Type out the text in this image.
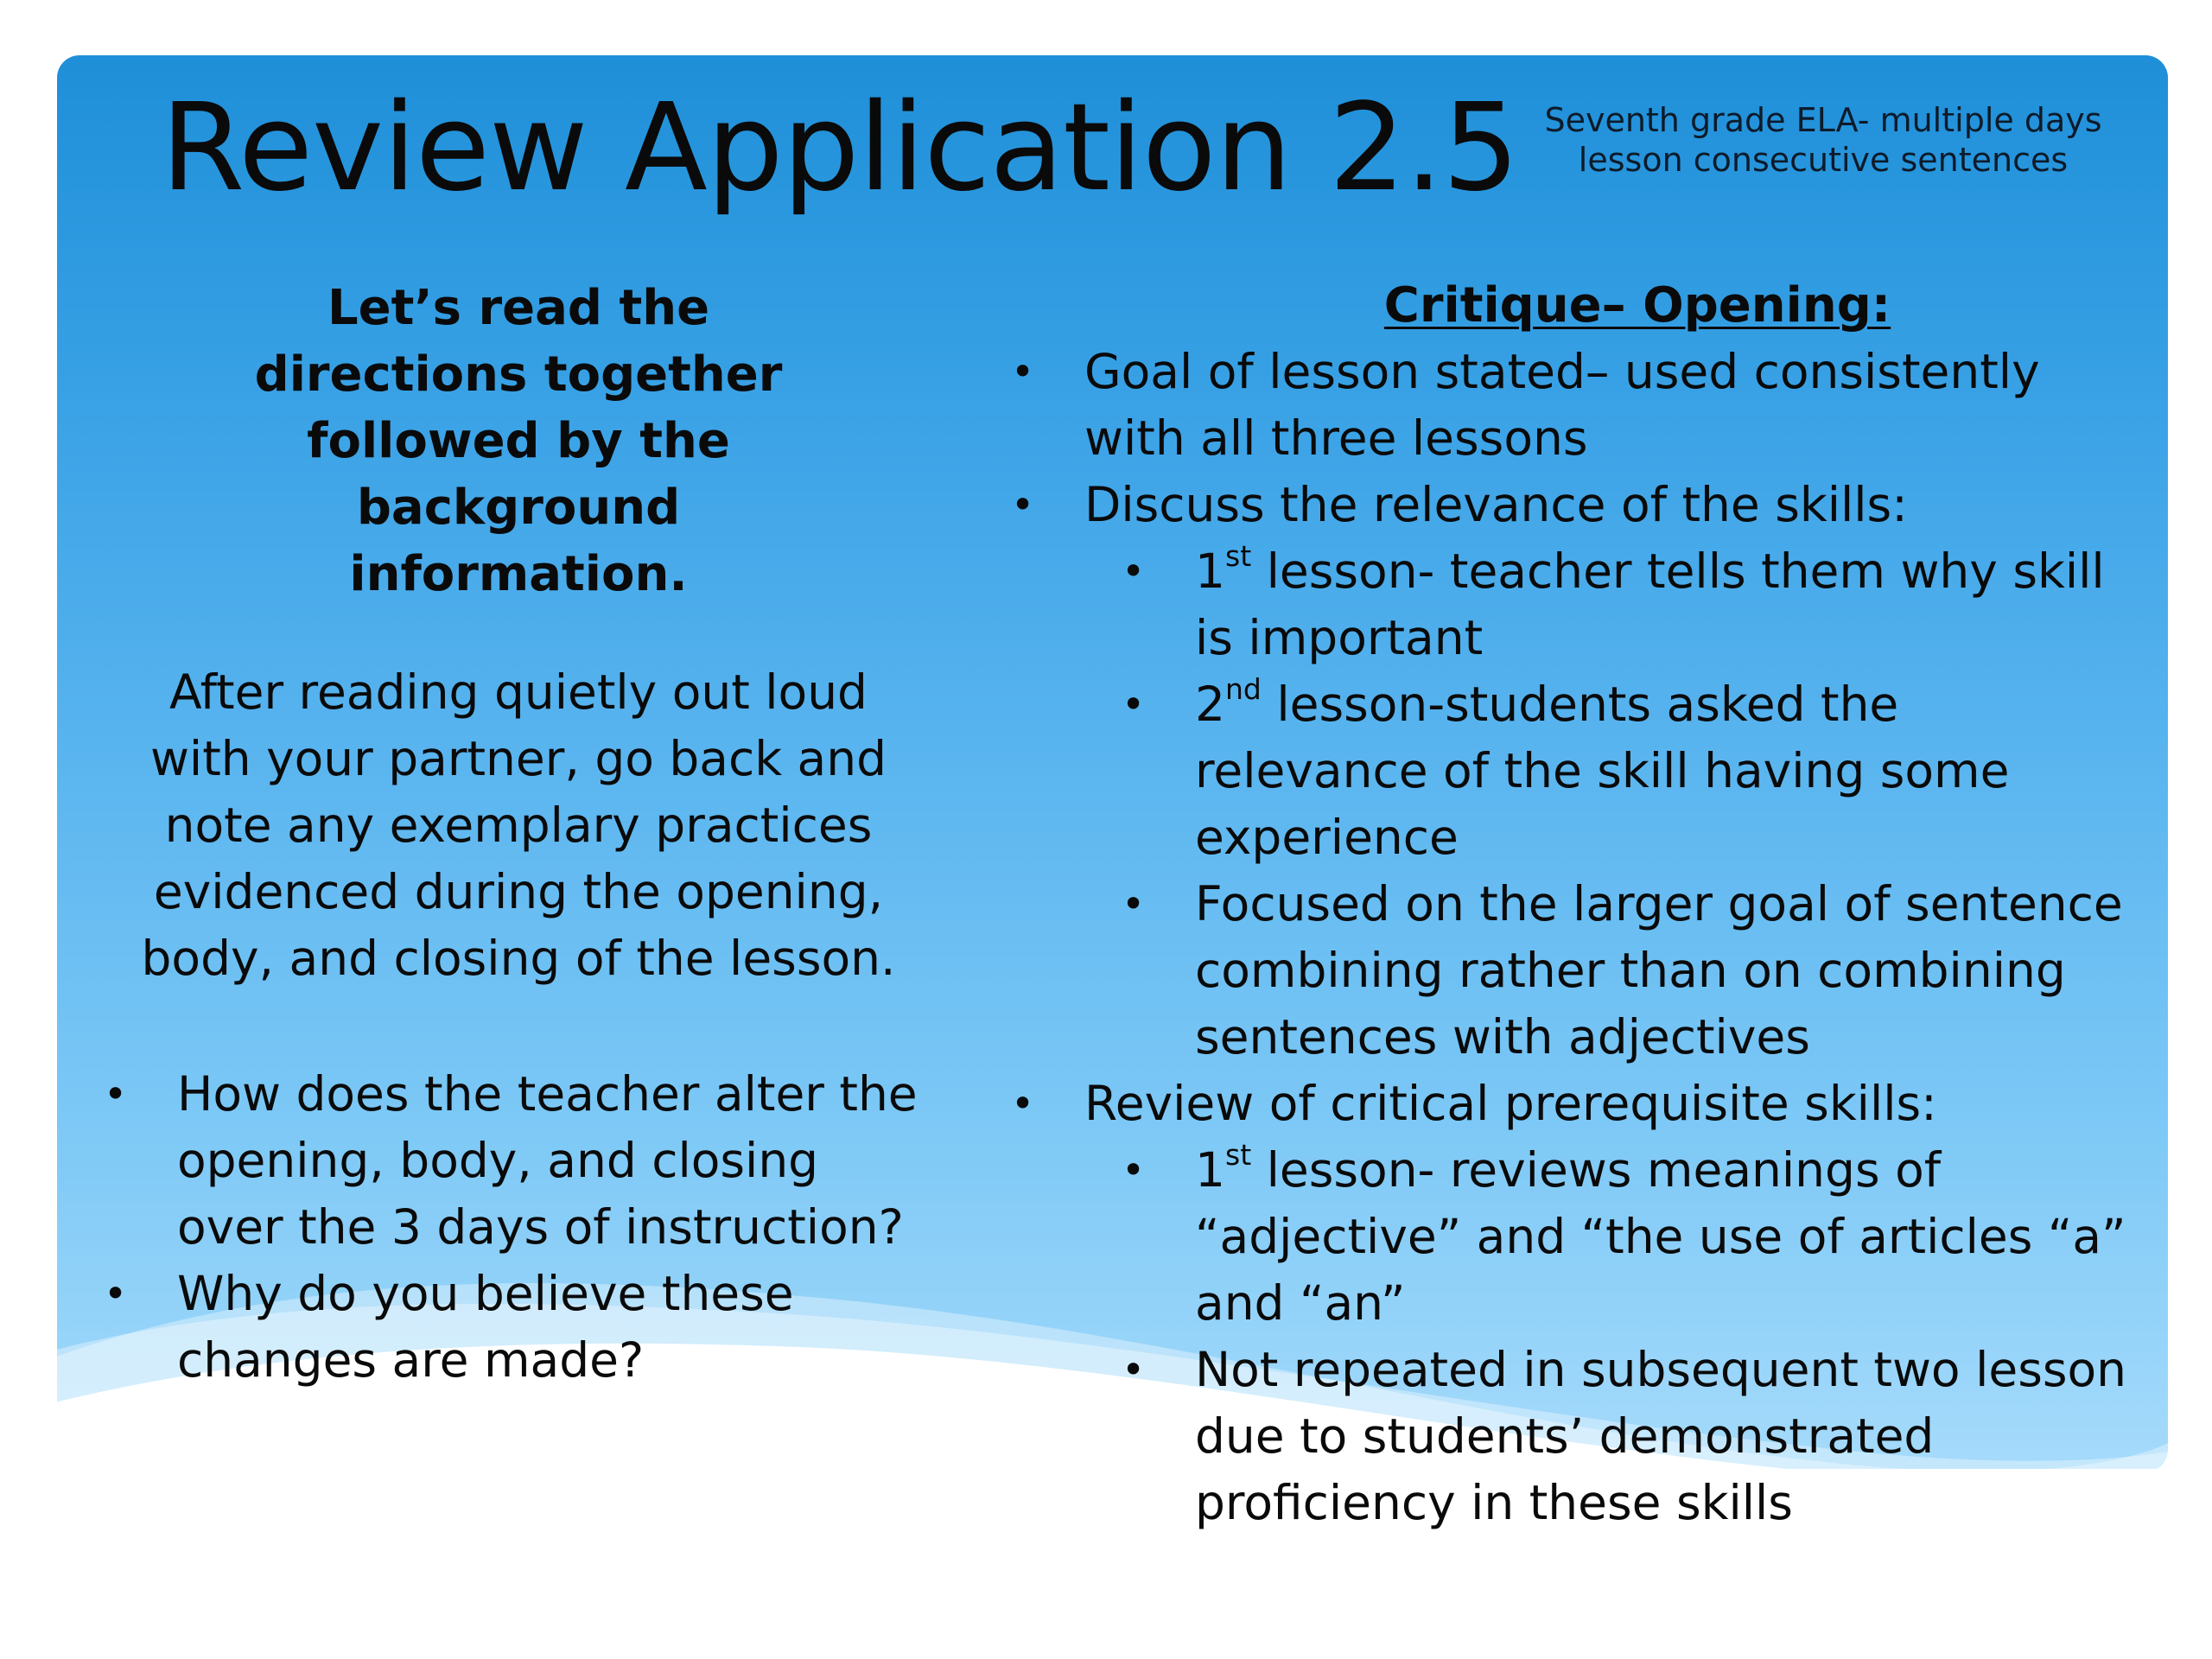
Review Application 2.5 Seventh grade ELA- multiple days
lesson consecutive sentences

Let’s read the directions together followed by the background information.

After reading quietly out loud with your partner, go back and note any exemplary practices evidenced during the opening, body, and closing of the lesson.

• How does the teacher alter the opening, body, and closing over the 3 days of instruction?
• Why do you believe these changes are made?

Critique– Opening:

• Goal of lesson stated– used consistently with all three lessons
• Discuss the relevance of the skills:
• 1st lesson- teacher tells them why skill is important
• 2nd lesson-students asked the relevance of the skill having some experience
• Focused on the larger goal of sentence combining rather than on combining sentences with adjectives
• Review of critical prerequisite skills:
• 1st lesson- reviews meanings of “adjective” and “the use of articles “a” and “an”
• Not repeated in subsequent two lesson due to students’ demonstrated proficiency in these skills
